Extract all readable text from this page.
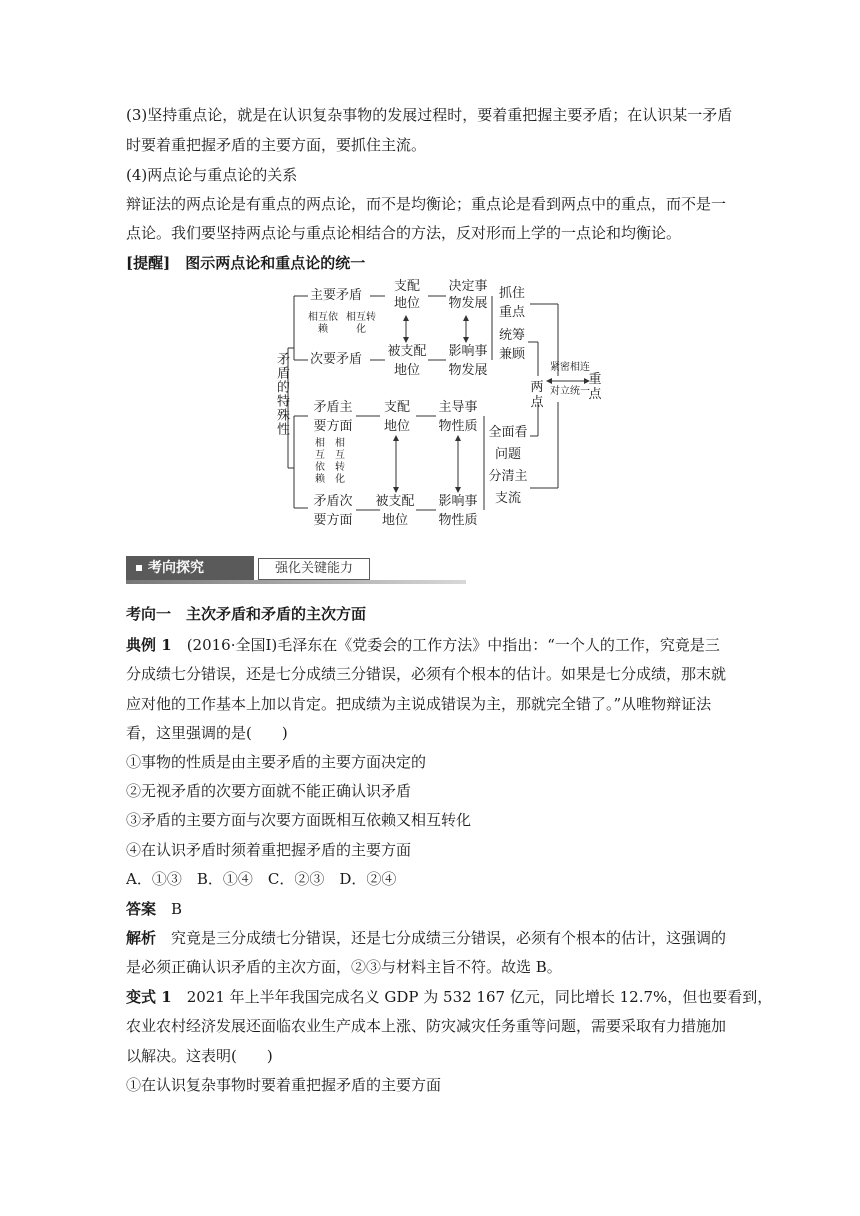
(3)坚持重点论，就是在认识复杂事物的发展过程时，要着重把握主要矛盾；在认识某一矛盾
时要着重把握矛盾的主要方面，要抓住主流。
(4)两点论与重点论的关系
辩证法的两点论是有重点的两点论，而不是均衡论；重点论是看到两点中的重点，而不是一
点论。我们要坚持两点论与重点论相结合的方法，反对形而上学的一点论和均衡论。
[提醒]　图示两点论和重点论的统一
矛盾的特殊性
主要矛盾
次要矛盾
相互依赖
相互转化
支配地位
被支配地位
决定事物发展
影响事物发展
抓住重点
统筹兼顾
两点
重点
紧密相连
对立统一
矛盾主要方面
矛盾次要方面
相互依赖
相互转化
支配地位
被支配地位
主导事物性质
影响事物性质
全面看问题
分清主支流
考向探究	强化关键能力
考向一　主次矛盾和矛盾的主次方面
典例 1　 (2016·全国Ⅰ)毛泽东在《党委会的工作方法》中指出：“一个人的工作，究竟是三
分成绩七分错误，还是七分成绩三分错误，必须有个根本的估计。如果是七分成绩，那末就
应对他的工作基本上加以肯定。把成绩为主说成错误为主，那就完全错了。”从唯物辩证法
看，这里强调的是(　　)
①事物的性质是由主要矛盾的主要方面决定的
②无视矛盾的次要方面就不能正确认识矛盾
③矛盾的主要方面与次要方面既相互依赖又相互转化
④在认识矛盾时须着重把握矛盾的主要方面
A．①③　B．①④　C．②③　D．②④
答案　 B
解析　 究竟是三分成绩七分错误，还是七分成绩三分错误，必须有个根本的估计，这强调的
是必须正确认识矛盾的主次方面，②③与材料主旨不符。故选 B。
变式 1　 2021 年上半年我国完成名义 GDP 为 532 167 亿元，同比增长 12.7%，但也要看到，
农业农村经济发展还面临农业生产成本上涨、防灾减灾任务重等问题，需要采取有力措施加
以解决。这表明(　　)
①在认识复杂事物时要着重把握矛盾的主要方面
